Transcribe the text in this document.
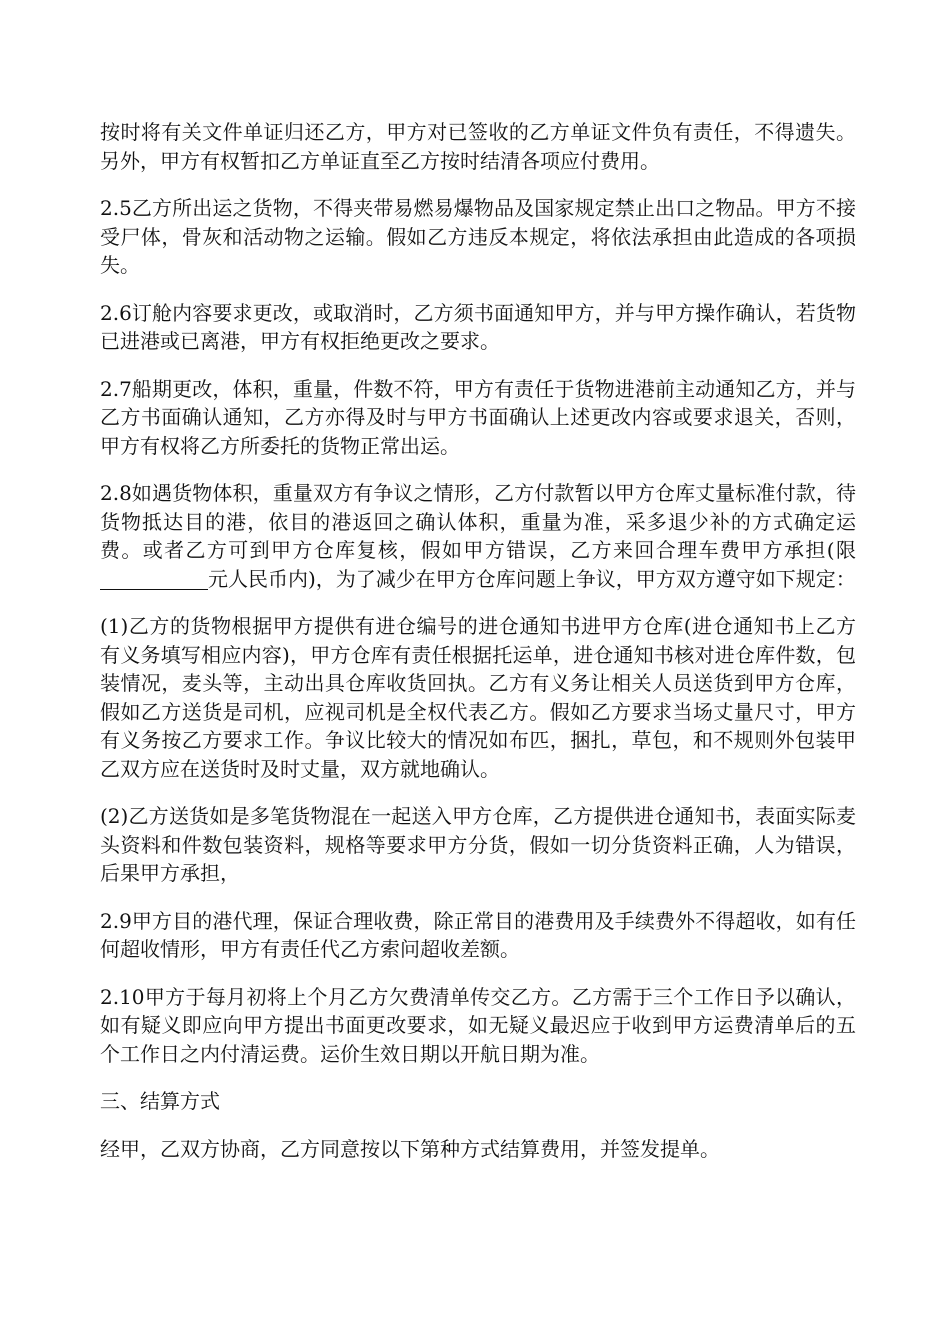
按时将有关文件单证归还乙方，甲方对已签收的乙方单证文件负有责任，不得遗失。另外，甲方有权暂扣乙方单证直至乙方按时结清各项应付费用。

2.5乙方所出运之货物，不得夹带易燃易爆物品及国家规定禁止出口之物品。甲方不接受尸体，骨灰和活动物之运输。假如乙方违反本规定，将依法承担由此造成的各项损失。

2.6订舱内容要求更改，或取消时，乙方须书面通知甲方，并与甲方操作确认，若货物已进港或已离港，甲方有权拒绝更改之要求。

2.7船期更改，体积，重量，件数不符，甲方有责任于货物进港前主动通知乙方，并与乙方书面确认通知，乙方亦得及时与甲方书面确认上述更改内容或要求退关，否则，甲方有权将乙方所委托的货物正常出运。

2.8如遇货物体积，重量双方有争议之情形，乙方付款暂以甲方仓库丈量标准付款，待货物抵达目的港，依目的港返回之确认体积，重量为准，采多退少补的方式确定运费。或者乙方可到甲方仓库复核，假如甲方错误，乙方来回合理车费甲方承担(限元人民币内)，为了减少在甲方仓库问题上争议，甲方双方遵守如下规定：

(1)乙方的货物根据甲方提供有进仓编号的进仓通知书进甲方仓库(进仓通知书上乙方有义务填写相应内容)，甲方仓库有责任根据托运单，进仓通知书核对进仓库件数，包装情况，麦头等，主动出具仓库收货回执。乙方有义务让相关人员送货到甲方仓库，假如乙方送货是司机，应视司机是全权代表乙方。假如乙方要求当场丈量尺寸，甲方有义务按乙方要求工作。争议比较大的情况如布匹，捆扎，草包，和不规则外包装甲乙双方应在送货时及时丈量，双方就地确认。

(2)乙方送货如是多笔货物混在一起送入甲方仓库，乙方提供进仓通知书，表面实际麦头资料和件数包装资料，规格等要求甲方分货，假如一切分货资料正确，人为错误，后果甲方承担，

2.9甲方目的港代理，保证合理收费，除正常目的港费用及手续费外不得超收，如有任何超收情形，甲方有责任代乙方索问超收差额。

2.10甲方于每月初将上个月乙方欠费清单传交乙方。乙方需于三个工作日予以确认，如有疑义即应向甲方提出书面更改要求，如无疑义最迟应于收到甲方运费清单后的五个工作日之内付清运费。运价生效日期以开航日期为准。

三、结算方式

经甲，乙双方协商，乙方同意按以下第种方式结算费用，并签发提单。
